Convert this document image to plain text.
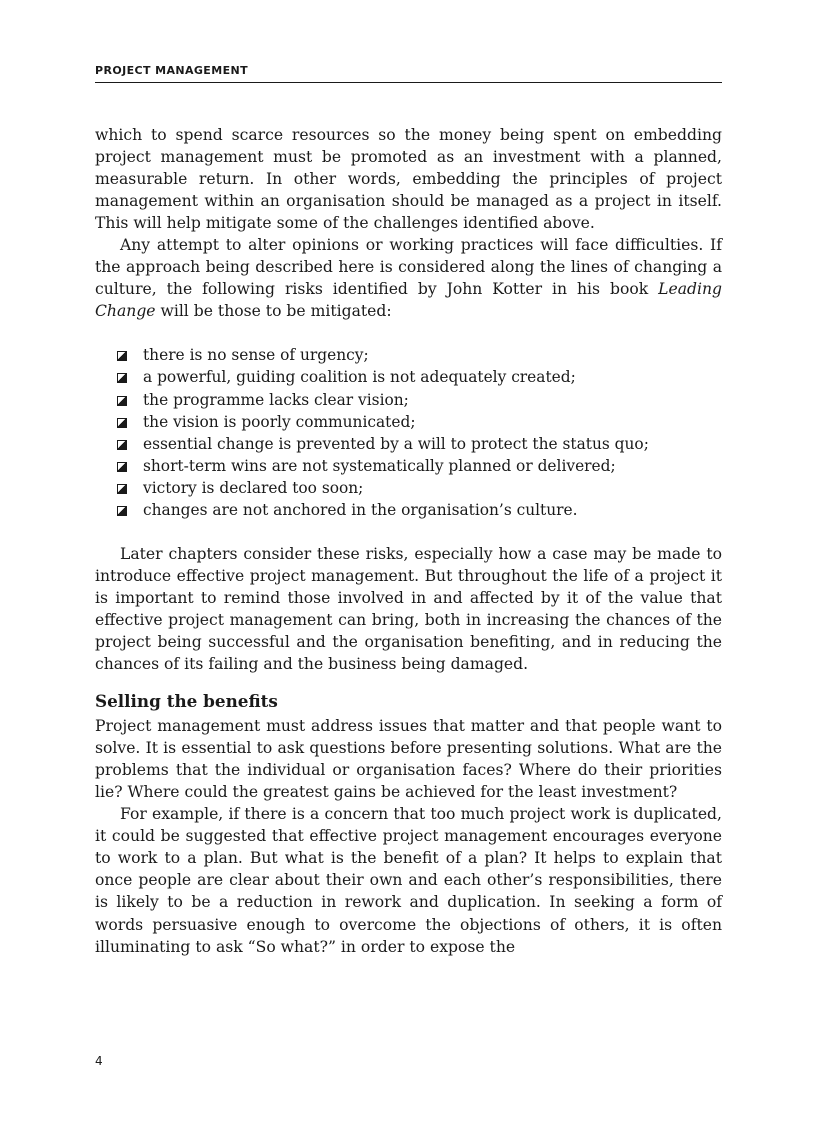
PROJECT MANAGEMENT

which to spend scarce resources so the money being spent on embedding project management must be promoted as an investment with a planned, measurable return. In other words, embedding the principles of project management within an organisation should be managed as a project in itself. This will help mitigate some of the challenges identified above.

Any attempt to alter opinions or working practices will face difficulties. If the approach being described here is considered along the lines of changing a culture, the following risks identified by John Kotter in his book Leading Change will be those to be mitigated:

there is no sense of urgency;
a powerful, guiding coalition is not adequately created;
the programme lacks clear vision;
the vision is poorly communicated;
essential change is prevented by a will to protect the status quo;
short-term wins are not systematically planned or delivered;
victory is declared too soon;
changes are not anchored in the organisation’s culture.

Later chapters consider these risks, especially how a case may be made to introduce effective project management. But throughout the life of a project it is important to remind those involved in and affected by it of the value that effective project management can bring, both in increasing the chances of the project being successful and the organisation benefiting, and in reducing the chances of its failing and the business being damaged.

Selling the benefits

Project management must address issues that matter and that people want to solve. It is essential to ask questions before presenting solutions. What are the problems that the individual or organisation faces? Where do their priorities lie? Where could the greatest gains be achieved for the least investment?

For example, if there is a concern that too much project work is duplicated, it could be suggested that effective project management encourages everyone to work to a plan. But what is the benefit of a plan? It helps to explain that once people are clear about their own and each other’s responsibilities, there is likely to be a reduction in rework and duplication. In seeking a form of words persuasive enough to overcome the objections of others, it is often illuminating to ask “So what?” in order to expose the

4
